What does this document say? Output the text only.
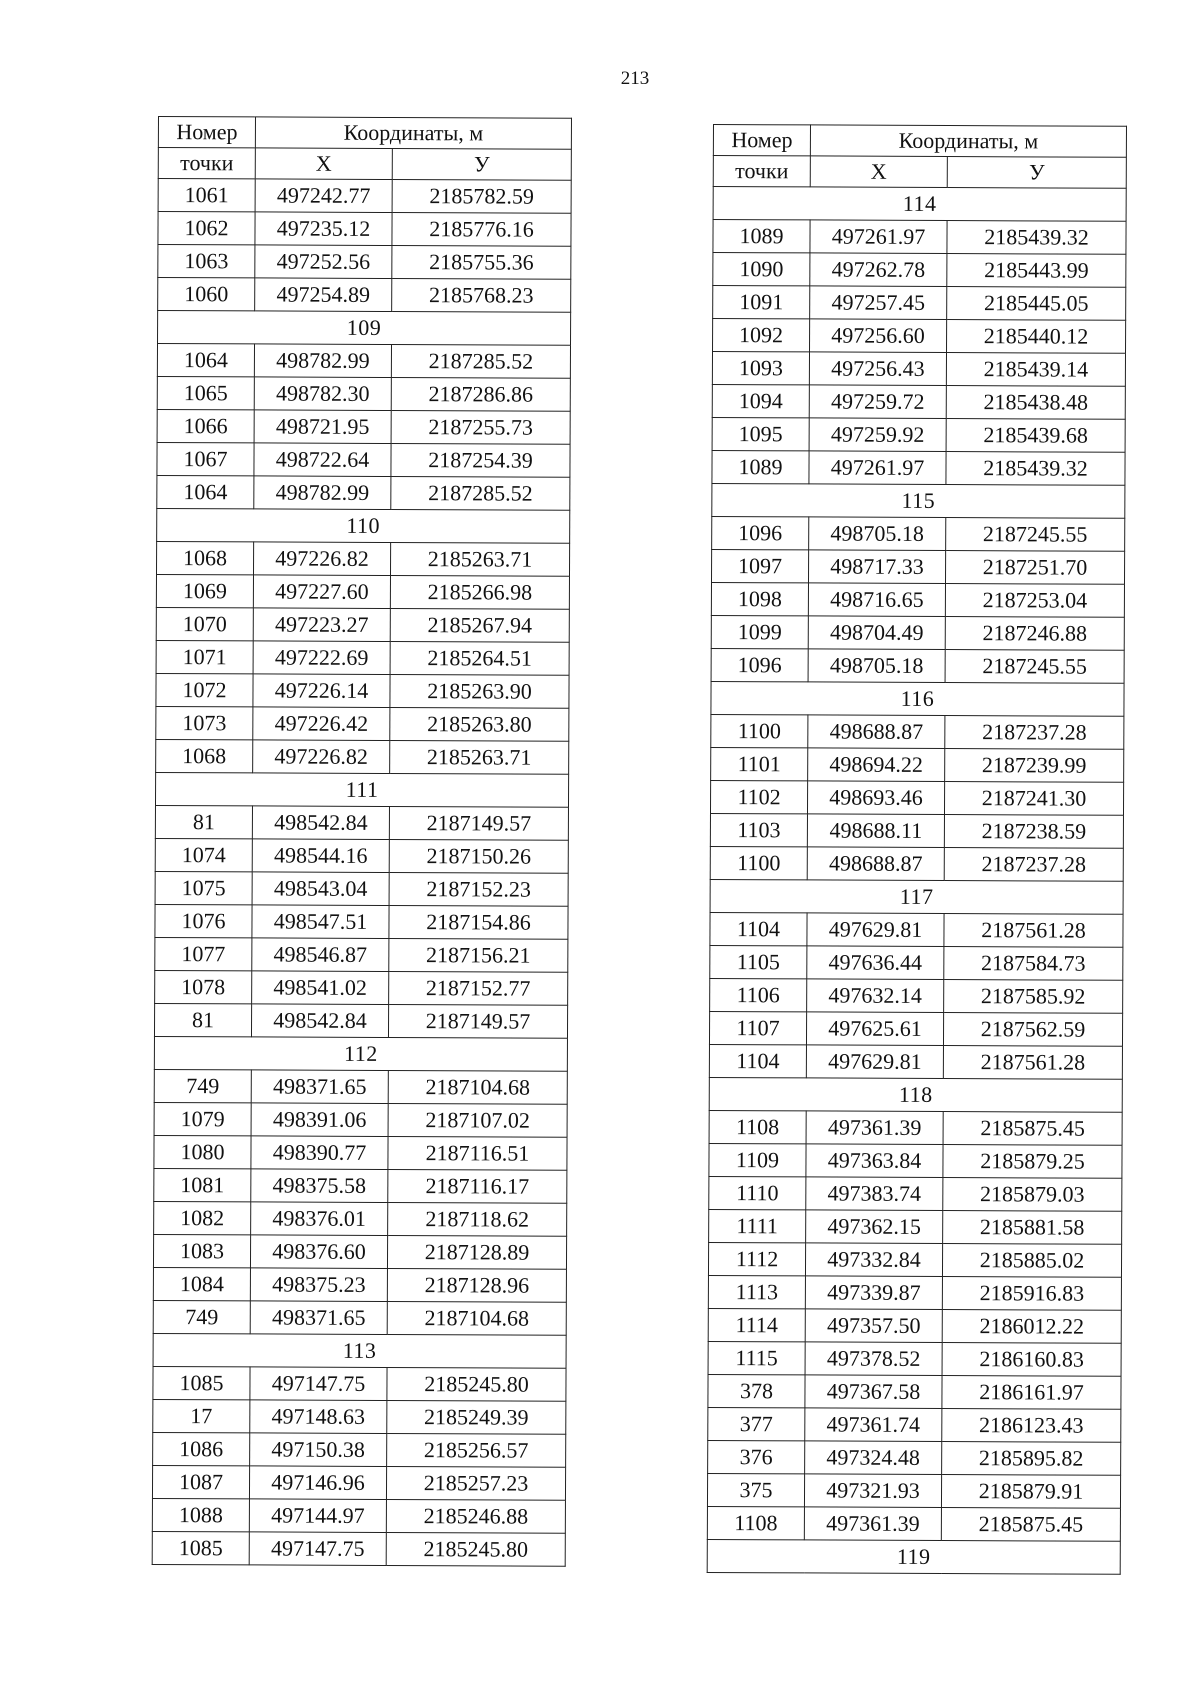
213
Номер	Координаты, м	
точки	Х	У
1061	497242.77	2185782.59
1062	497235.12	2185776.16
1063	497252.56	2185755.36
1060	497254.89	2185768.23
109		
1064	498782.99	2187285.52
1065	498782.30	2187286.86
1066	498721.95	2187255.73
1067	498722.64	2187254.39
1064	498782.99	2187285.52
110		
1068	497226.82	2185263.71
1069	497227.60	2185266.98
1070	497223.27	2185267.94
1071	497222.69	2185264.51
1072	497226.14	2185263.90
1073	497226.42	2185263.80
1068	497226.82	2185263.71
111		
81	498542.84	2187149.57
1074	498544.16	2187150.26
1075	498543.04	2187152.23
1076	498547.51	2187154.86
1077	498546.87	2187156.21
1078	498541.02	2187152.77
81	498542.84	2187149.57
112		
749	498371.65	2187104.68
1079	498391.06	2187107.02
1080	498390.77	2187116.51
1081	498375.58	2187116.17
1082	498376.01	2187118.62
1083	498376.60	2187128.89
1084	498375.23	2187128.96
749	498371.65	2187104.68
113		
1085	497147.75	2185245.80
17	497148.63	2185249.39
1086	497150.38	2185256.57
1087	497146.96	2185257.23
1088	497144.97	2185246.88
1085	497147.75	2185245.80
Номер	Координаты, м	
точки	Х	У
114		
1089	497261.97	2185439.32
1090	497262.78	2185443.99
1091	497257.45	2185445.05
1092	497256.60	2185440.12
1093	497256.43	2185439.14
1094	497259.72	2185438.48
1095	497259.92	2185439.68
1089	497261.97	2185439.32
115		
1096	498705.18	2187245.55
1097	498717.33	2187251.70
1098	498716.65	2187253.04
1099	498704.49	2187246.88
1096	498705.18	2187245.55
116		
1100	498688.87	2187237.28
1101	498694.22	2187239.99
1102	498693.46	2187241.30
1103	498688.11	2187238.59
1100	498688.87	2187237.28
117		
1104	497629.81	2187561.28
1105	497636.44	2187584.73
1106	497632.14	2187585.92
1107	497625.61	2187562.59
1104	497629.81	2187561.28
118		
1108	497361.39	2185875.45
1109	497363.84	2185879.25
1110	497383.74	2185879.03
1111	497362.15	2185881.58
1112	497332.84	2185885.02
1113	497339.87	2185916.83
1114	497357.50	2186012.22
1115	497378.52	2186160.83
378	497367.58	2186161.97
377	497361.74	2186123.43
376	497324.48	2185895.82
375	497321.93	2185879.91
1108	497361.39	2185875.45
119		
